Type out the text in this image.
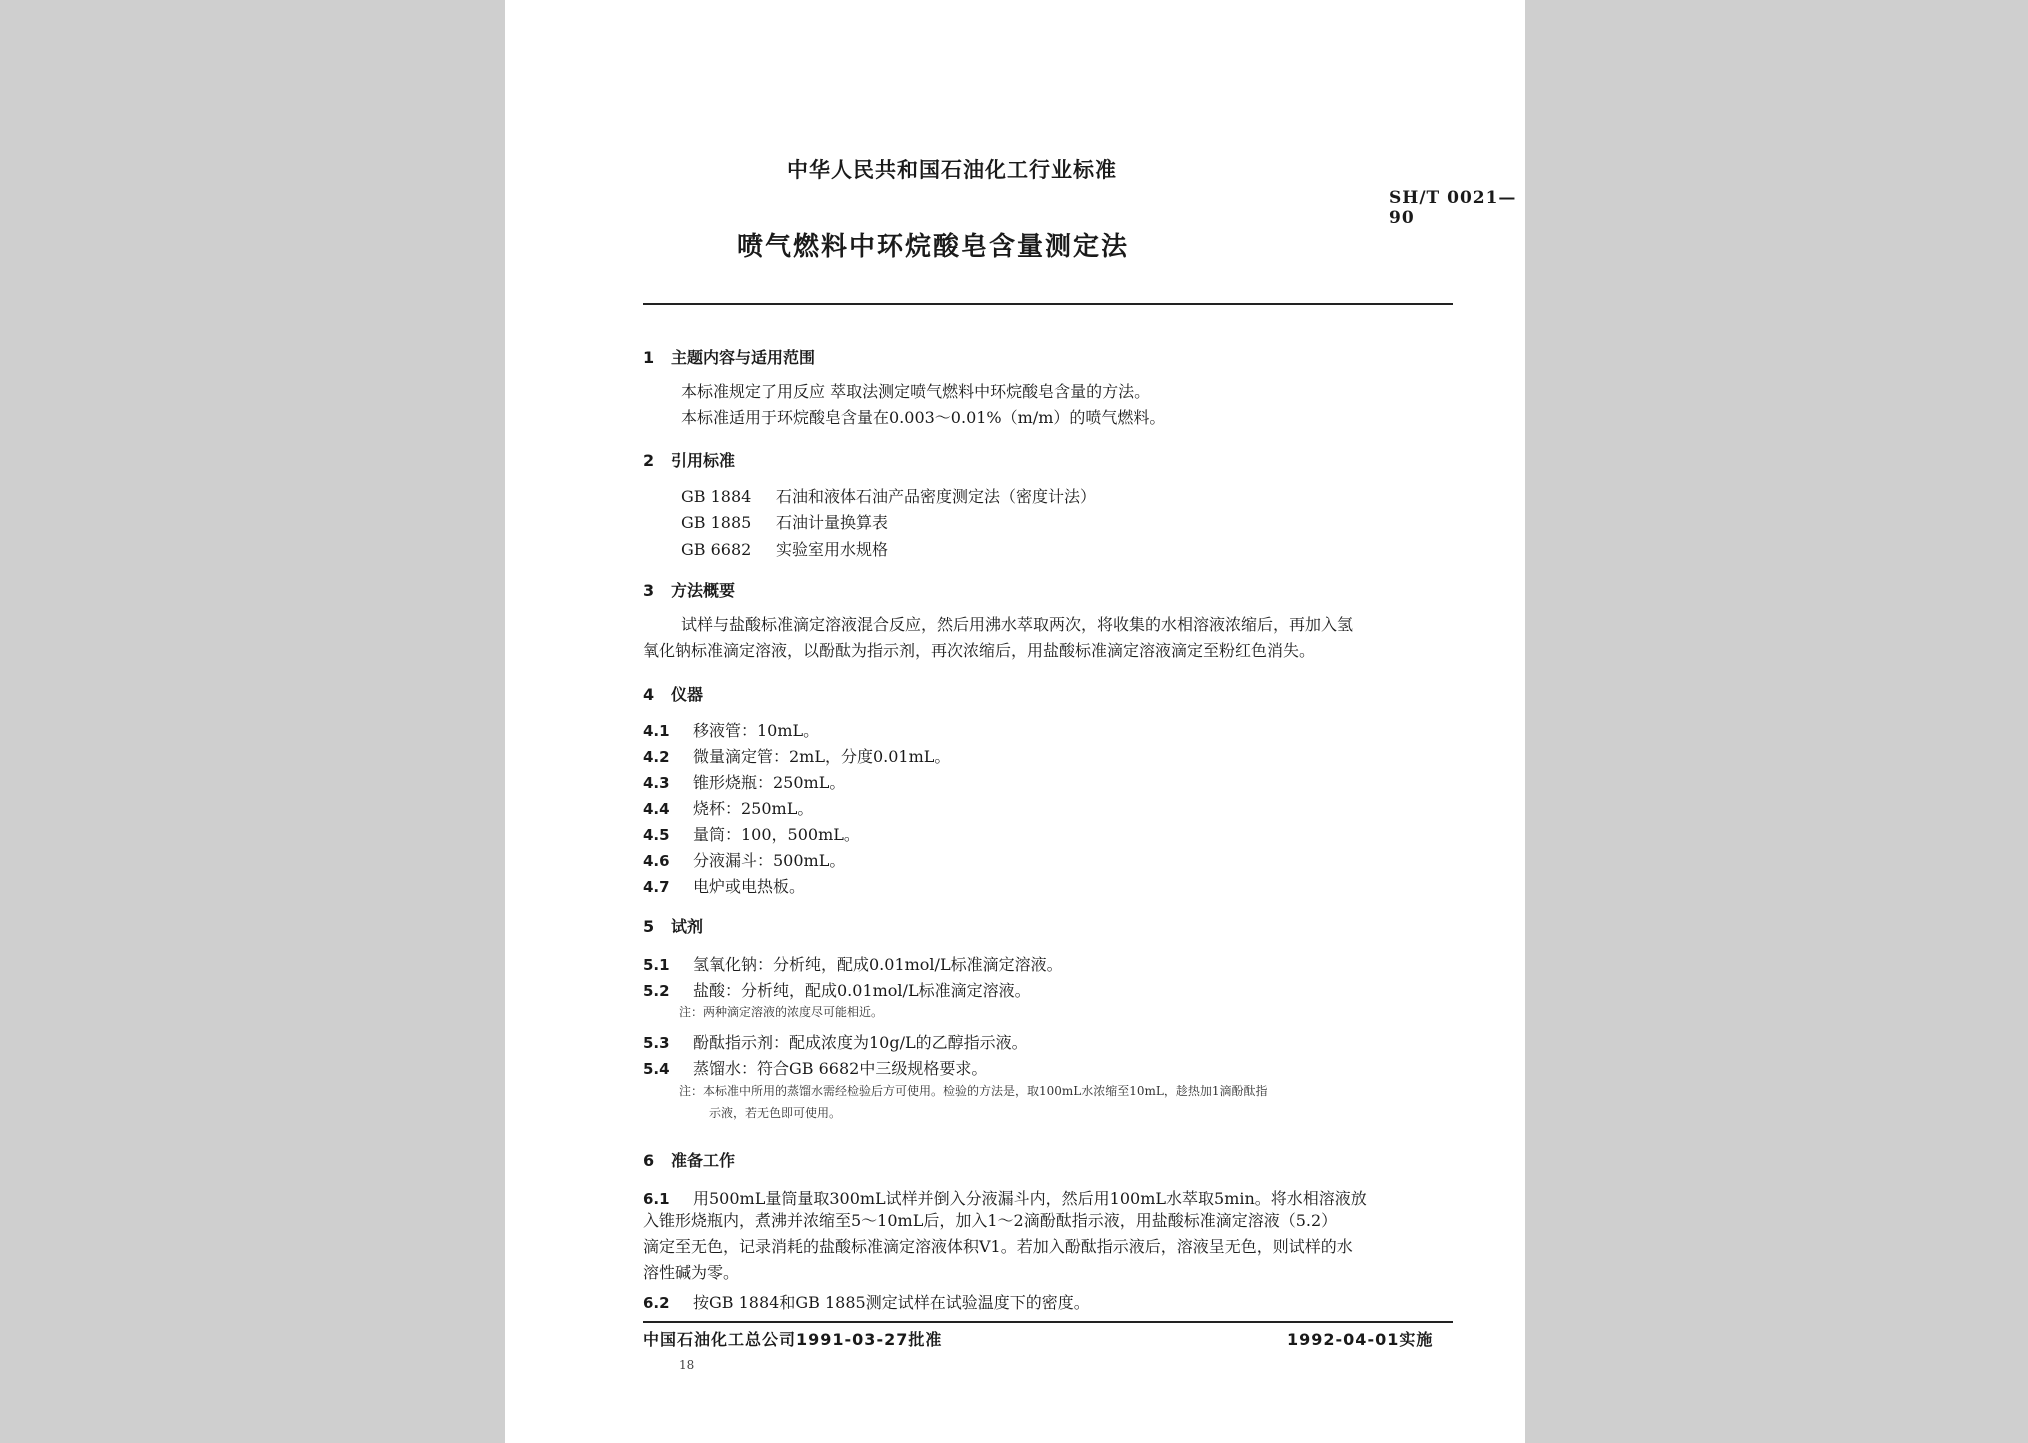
中华人民共和国石油化工行业标准
SH/T 0021—90
喷气燃料中环烷酸皂含量测定法
1 主题内容与适用范围
本标准规定了用反应 萃取法测定喷气燃料中环烷酸皂含量的方法。
本标准适用于环烷酸皂含量在0.003～0.01%（m/m）的喷气燃料。
2 引用标准
GB 1884 石油和液体石油产品密度测定法（密度计法）
GB 1885 石油计量换算表
GB 6682 实验室用水规格
3 方法概要
试样与盐酸标准滴定溶液混合反应，然后用沸水萃取两次，将收集的水相溶液浓缩后，再加入氢
氧化钠标准滴定溶液，以酚酞为指示剂，再次浓缩后，用盐酸标准滴定溶液滴定至粉红色消失。
4 仪器
4.1 移液管：10mL。
4.2 微量滴定管：2mL，分度0.01mL。
4.3 锥形烧瓶：250mL。
4.4 烧杯：250mL。
4.5 量筒：100，500mL。
4.6 分液漏斗：500mL。
4.7 电炉或电热板。
5 试剂
5.1 氢氧化钠：分析纯，配成0.01mol/L标准滴定溶液。
5.2 盐酸：分析纯，配成0.01mol/L标准滴定溶液。
注：两种滴定溶液的浓度尽可能相近。
5.3 酚酞指示剂：配成浓度为10g/L的乙醇指示液。
5.4 蒸馏水：符合GB 6682中三级规格要求。
注：本标准中所用的蒸馏水需经检验后方可使用。检验的方法是，取100mL水浓缩至10mL，趁热加1滴酚酞指
示液，若无色即可使用。
6 准备工作
6.1 用500mL量筒量取300mL试样并倒入分液漏斗内，然后用100mL水萃取5min。将水相溶液放
入锥形烧瓶内，煮沸并浓缩至5～10mL后，加入1～2滴酚酞指示液，用盐酸标准滴定溶液（5.2）
滴定至无色，记录消耗的盐酸标准滴定溶液体积V1。若加入酚酞指示液后，溶液呈无色，则试样的水
溶性碱为零。
6.2 按GB 1884和GB 1885测定试样在试验温度下的密度。
中国石油化工总公司1991-03-27批准	1992-04-01实施
18
